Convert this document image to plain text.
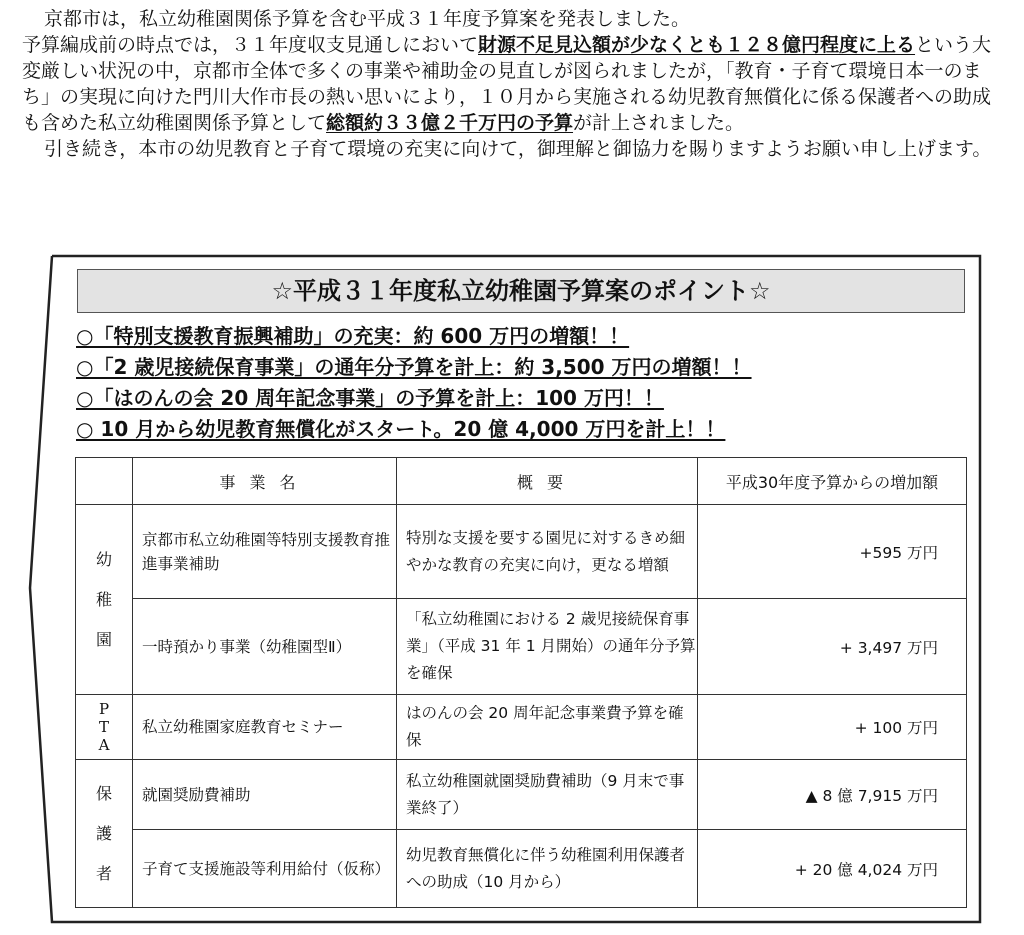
京都市は，私立幼稚園関係予算を含む平成３１年度予算案を発表しました。

予算編成前の時点では，３１年度収支見通しにおいて財源不足見込額が少なくとも１２８億円程度に上るという大変厳しい状況の中，京都市全体で多くの事業や補助金の見直しが図られましたが，「教育・子育て環境日本一のまち」の実現に向けた門川大作市長の熱い思いにより，１０月から実施される幼児教育無償化に係る保護者への助成も含めた私立幼稚園関係予算として総額約３３億２千万円の予算が計上されました。

引き続き，本市の幼児教育と子育て環境の充実に向けて，御理解と御協力を賜りますようお願い申し上げます。

☆平成３１年度私立幼稚園予算案のポイント☆
○「特別支援教育振興補助」の充実：約 600 万円の増額！！
○「2 歳児接続保育事業」の通年分予算を計上：約 3,500 万円の増額！！
○「はのんの会 20 周年記念事業」の予算を計上：100 万円！！
○ 10 月から幼児教育無償化がスタート。20 億 4,000 万円を計上！！
	事業名	概要	平成30年度予算からの増加額
幼稚園	京都市私立幼稚園等特別支援教育推進事業補助	特別な支援を要する園児に対するきめ細やかな教育の充実に向け，更なる増額	+595 万円
	一時預かり事業（幼稚園型Ⅱ）	「私立幼稚園における 2 歳児接続保育事業」（平成 31 年 1 月開始）の通年分予算を確保	+ 3,497 万円
PTA	私立幼稚園家庭教育セミナー	はのんの会 20 周年記念事業費予算を確保	+ 100 万円
保護者	就園奨励費補助	私立幼稚園就園奨励費補助（9 月末で事業終了）	▲ 8 億 7,915 万円
	子育て支援施設等利用給付（仮称）	幼児教育無償化に伴う幼稚園利用保護者への助成（10 月から）	+ 20 億 4,024 万円
